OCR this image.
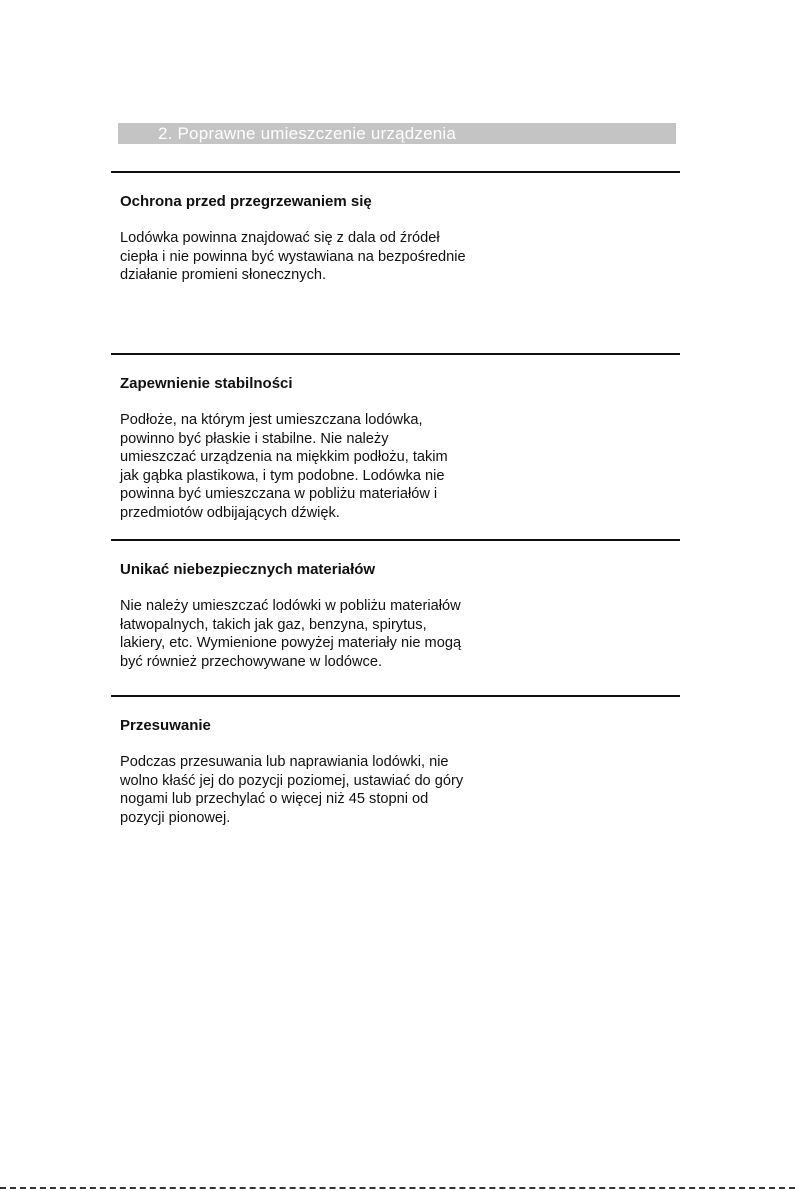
2. Poprawne umieszczenie urządzenia
Ochrona przed przegrzewaniem się

Lodówka powinna znajdować się z dala od źródeł
ciepła i nie powinna być wystawiana na bezpośrednie
działanie promieni słonecznych.

Zapewnienie stabilności

Podłoże, na którym jest umieszczana lodówka,
powinno być płaskie i stabilne. Nie należy
umieszczać urządzenia na miękkim podłożu, takim
jak gąbka plastikowa, i tym podobne. Lodówka nie
powinna być umieszczana w pobliżu materiałów i
przedmiotów odbijających dźwięk.

Unikać niebezpiecznych materiałów

Nie należy umieszczać lodówki w pobliżu materiałów
łatwopalnych, takich jak gaz, benzyna, spirytus,
lakiery, etc. Wymienione powyżej materiały nie mogą
być również przechowywane w lodówce.

Przesuwanie

Podczas przesuwania lub naprawiania lodówki, nie
wolno kłaść jej do pozycji poziomej, ustawiać do góry
nogami lub przechylać o więcej niż 45 stopni od
pozycji pionowej.
